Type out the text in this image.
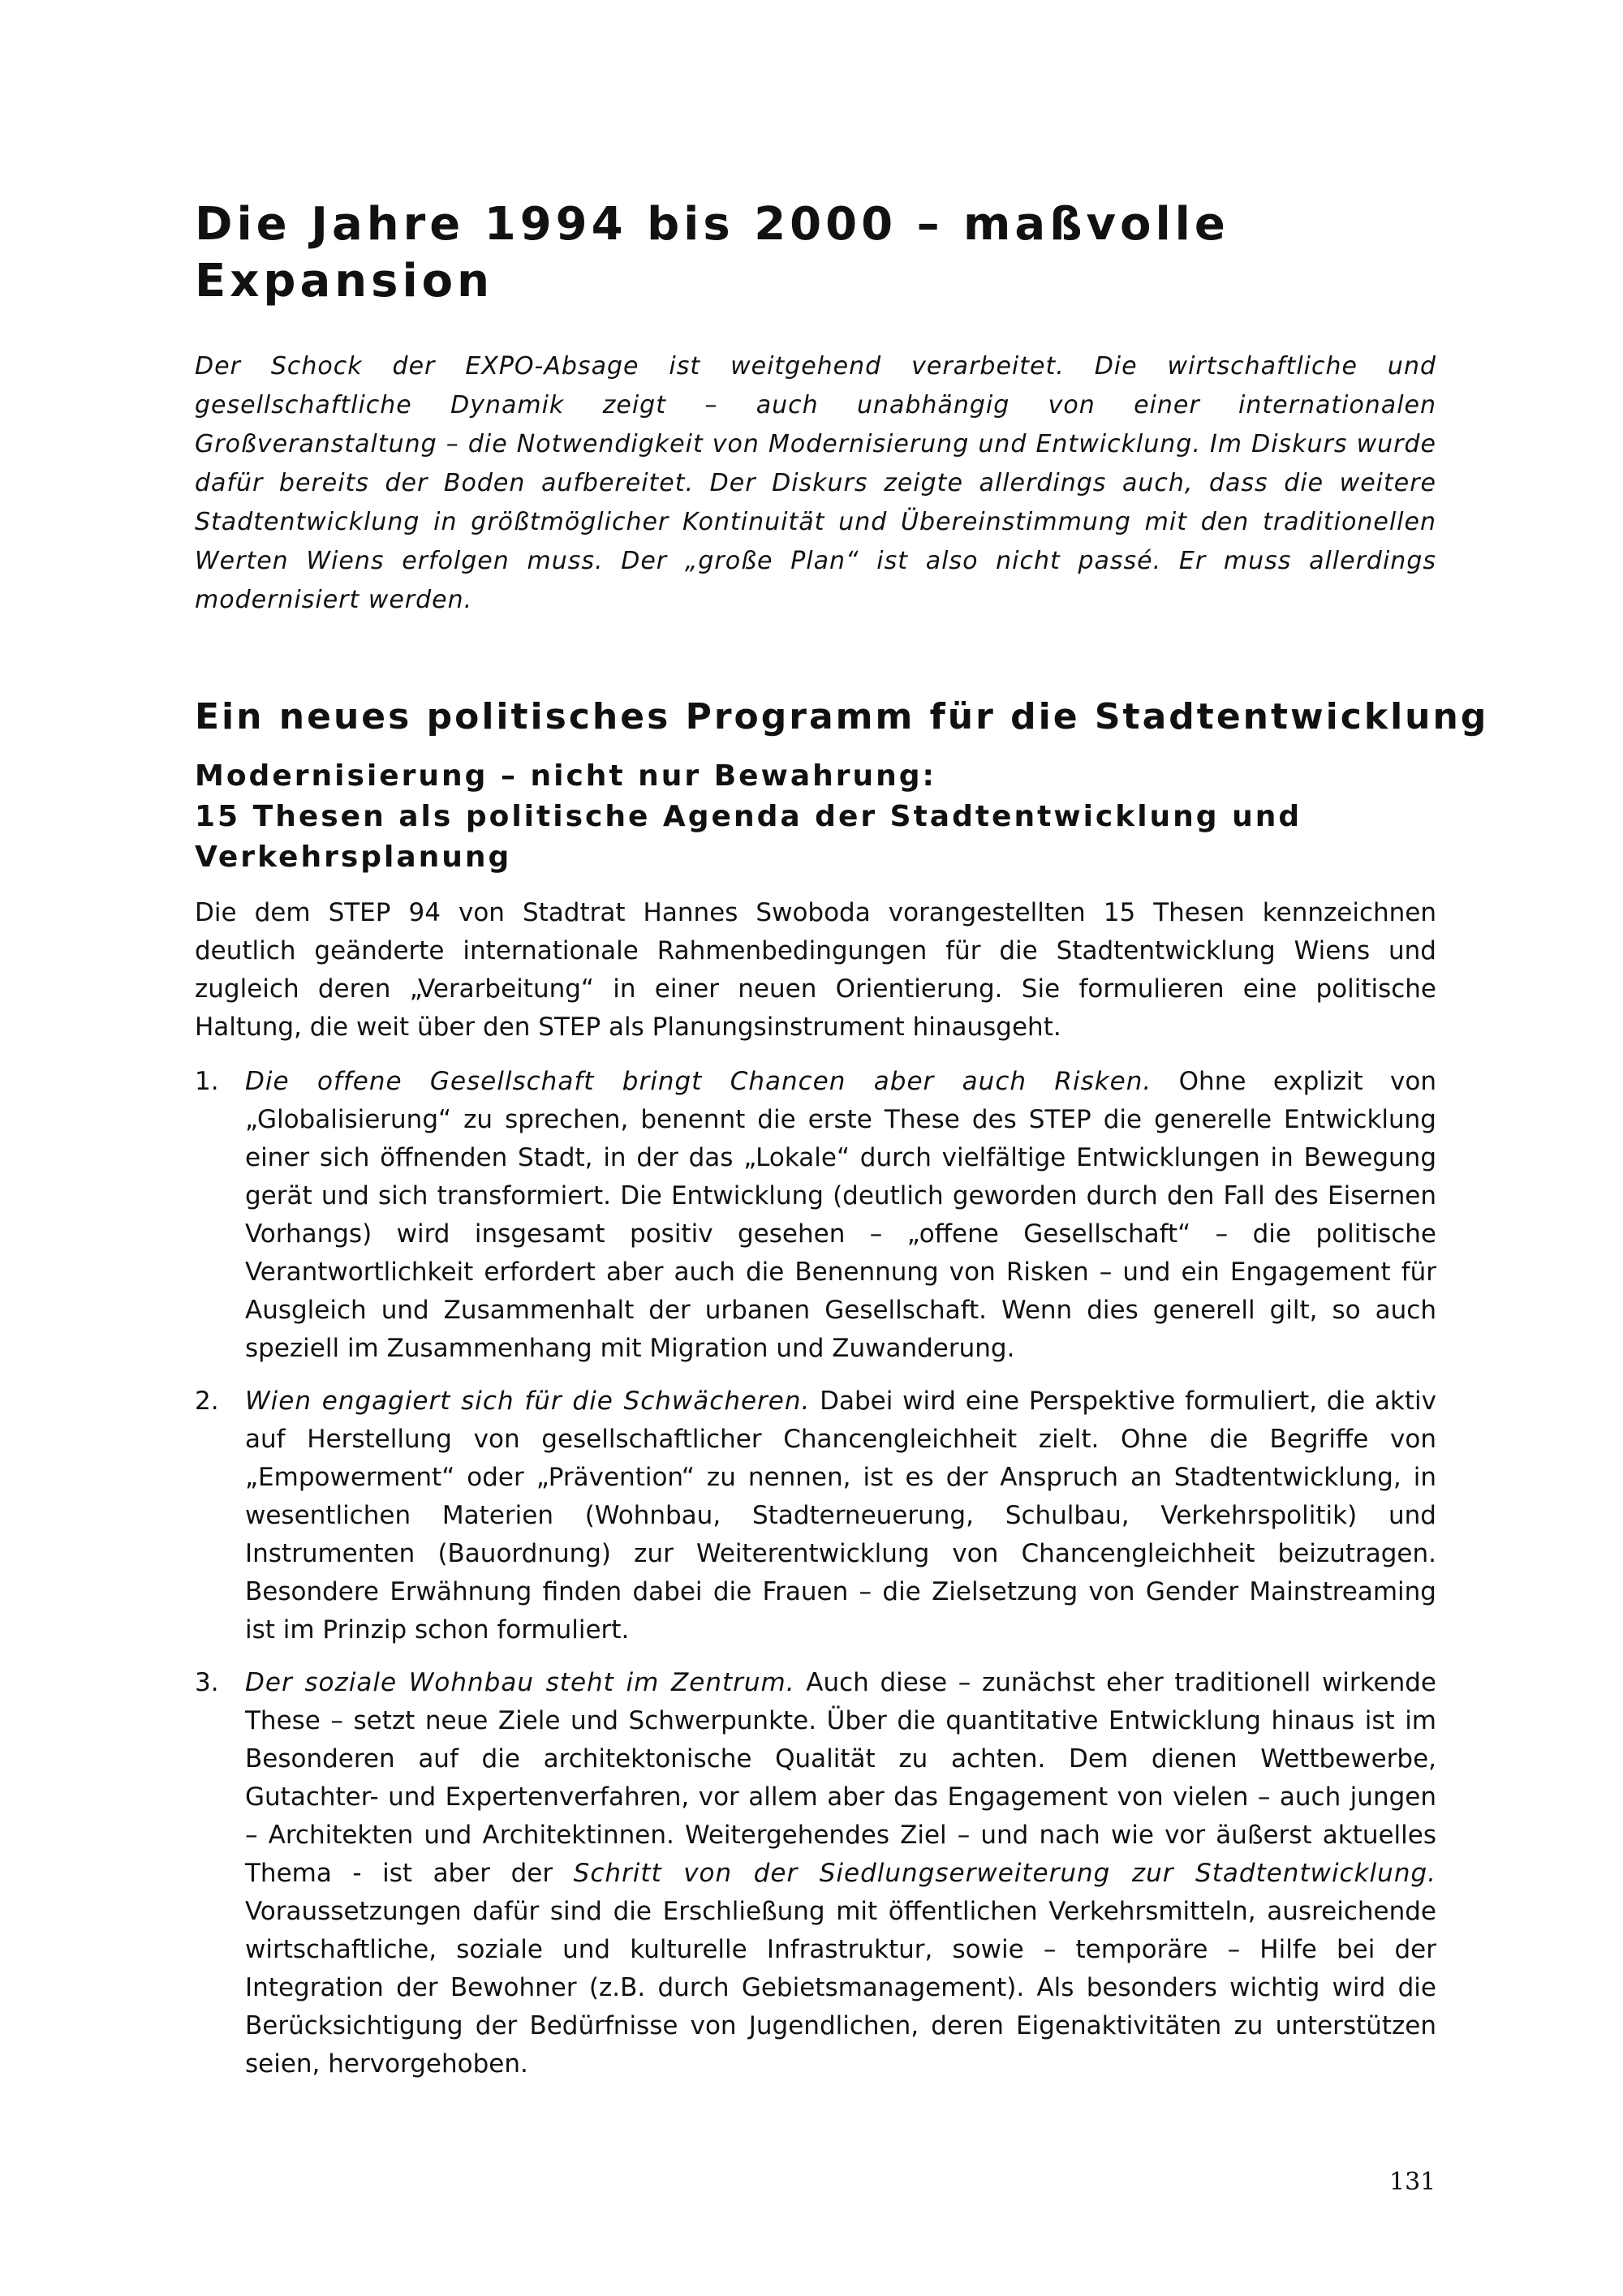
Die Jahre 1994 bis 2000 – maßvolle Expansion

Der Schock der EXPO-Absage ist weitgehend verarbeitet. Die wirtschaftliche und gesellschaftliche Dynamik zeigt – auch unabhängig von einer internationalen Großveranstaltung – die Notwendigkeit von Modernisierung und Entwicklung. Im Diskurs wurde dafür bereits der Boden aufbereitet. Der Diskurs zeigte allerdings auch, dass die weitere Stadtentwicklung in größtmöglicher Kontinuität und Übereinstimmung mit den traditionellen Werten Wiens erfolgen muss. Der „große Plan“ ist also nicht passé. Er muss allerdings modernisiert werden.

Ein neues politisches Programm für die Stadtentwicklung
Modernisierung – nicht nur Bewahrung:
15 Thesen als politische Agenda der Stadtentwicklung und Verkehrsplanung

Die dem STEP 94 von Stadtrat Hannes Swoboda vorangestellten 15 Thesen kennzeichnen deutlich geänderte internationale Rahmenbedingungen für die Stadtentwicklung Wiens und zugleich deren „Verarbeitung“ in einer neuen Orientierung. Sie formulieren eine politische Haltung, die weit über den STEP als Planungsinstrument hinausgeht.

1. Die offene Gesellschaft bringt Chancen aber auch Risken. Ohne explizit von „Globalisierung“ zu sprechen, benennt die erste These des STEP die generelle Entwicklung einer sich öffnenden Stadt, in der das „Lokale“ durch vielfältige Entwicklungen in Bewegung gerät und sich transformiert. Die Entwicklung (deutlich geworden durch den Fall des Eisernen Vorhangs) wird insgesamt positiv gesehen – „offene Gesellschaft“ – die politische Verantwortlichkeit erfordert aber auch die Benennung von Risken – und ein Engagement für Ausgleich und Zusammenhalt der urbanen Gesellschaft. Wenn dies generell gilt, so auch speziell im Zusammenhang mit Migration und Zuwanderung.
2. Wien engagiert sich für die Schwächeren. Dabei wird eine Perspektive formuliert, die aktiv auf Herstellung von gesellschaftlicher Chancengleichheit zielt. Ohne die Begriffe von „Empowerment“ oder „Prävention“ zu nennen, ist es der Anspruch an Stadtentwicklung, in wesentlichen Materien (Wohnbau, Stadterneuerung, Schulbau, Verkehrspolitik) und Instrumenten (Bauordnung) zur Weiterentwicklung von Chancengleichheit beizutragen. Besondere Erwähnung finden dabei die Frauen – die Zielsetzung von Gender Mainstreaming ist im Prinzip schon formuliert.
3. Der soziale Wohnbau steht im Zentrum. Auch diese – zunächst eher traditionell wirkende These – setzt neue Ziele und Schwerpunkte. Über die quantitative Entwicklung hinaus ist im Besonderen auf die architektonische Qualität zu achten. Dem dienen Wettbewerbe, Gutachter- und Expertenverfahren, vor allem aber das Engagement von vielen – auch jungen – Architekten und Architektinnen. Weitergehendes Ziel – und nach wie vor äußerst aktuelles Thema - ist aber der Schritt von der Siedlungserweiterung zur Stadtentwicklung. Voraussetzungen dafür sind die Erschließung mit öffentlichen Verkehrsmitteln, ausreichende wirtschaftliche, soziale und kulturelle Infrastruktur, sowie – temporäre – Hilfe bei der Integration der Bewohner (z.B. durch Gebietsmanagement). Als besonders wichtig wird die Berücksichtigung der Bedürfnisse von Jugendlichen, deren Eigenaktivitäten zu unterstützen seien, hervorgehoben.

131
